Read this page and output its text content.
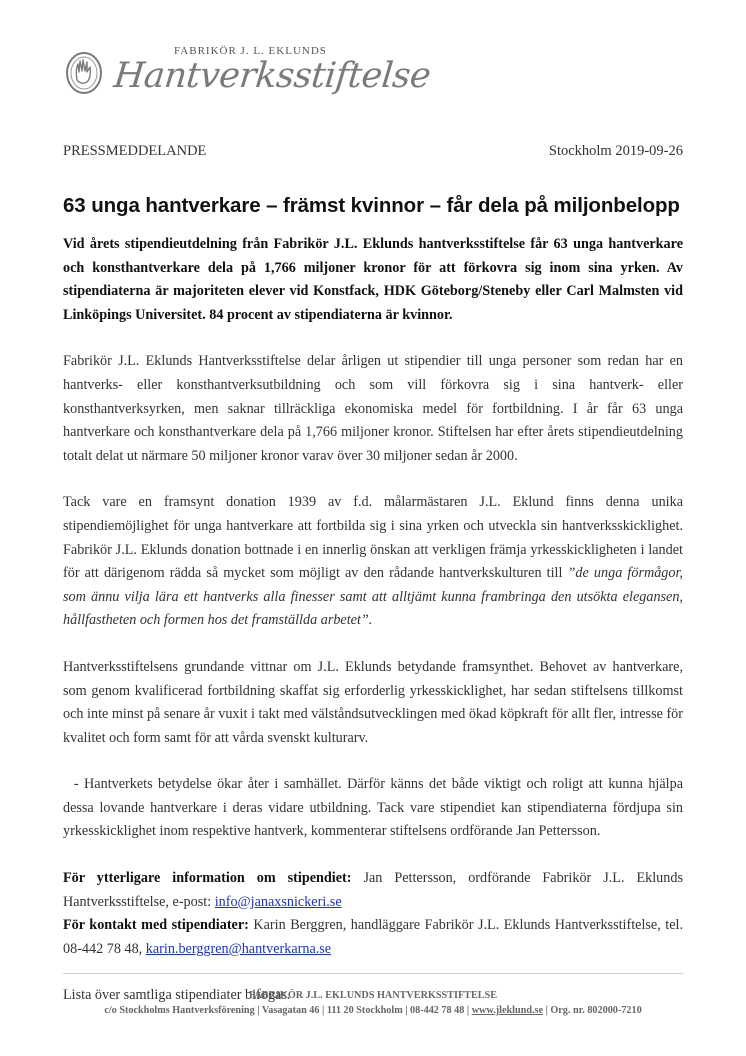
FABRIKÖR J. L. EKLUNDS
Hantverksstiftelse
PRESSMEDDELANDE	Stockholm 2019-09-26
63 unga hantverkare – främst kvinnor – får dela på miljonbelopp

Vid årets stipendieutdelning från Fabrikör J.L. Eklunds hantverksstiftelse får 63 unga hantverkare och konsthantverkare dela på 1,766 miljoner kronor för att förkovra sig inom sina yrken. Av stipendiaterna är majoriteten elever vid Konstfack, HDK Göteborg/Steneby eller Carl Malmsten vid Linköpings Universitet. 84 procent av stipendiaterna är kvinnor.

Fabrikör J.L. Eklunds Hantverksstiftelse delar årligen ut stipendier till unga personer som redan har en hantverks- eller konsthantverksutbildning och som vill förkovra sig i sina hantverk- eller konsthantverksyrken, men saknar tillräckliga ekonomiska medel för fortbildning. I år får 63 unga hantverkare och konsthantverkare dela på 1,766 miljoner kronor. Stiftelsen har efter årets stipendieutdelning totalt delat ut närmare 50 miljoner kronor varav över 30 miljoner sedan år 2000.

Tack vare en framsynt donation 1939 av f.d. målarmästaren J.L. Eklund finns denna unika stipendiemöjlighet för unga hantverkare att fortbilda sig i sina yrken och utveckla sin hantverksskicklighet. Fabrikör J.L. Eklunds donation bottnade i en innerlig önskan att verkligen främja yrkesskickligheten i landet för att därigenom rädda så mycket som möjligt av den rådande hantverkskulturen till ”de unga förmågor, som ännu vilja lära ett hantverks alla finesser samt att alltjämt kunna frambringa den utsökta elegansen, hållfastheten och formen hos det framställda arbetet”.

Hantverksstiftelsens grundande vittnar om J.L. Eklunds betydande framsynthet. Behovet av hantverkare, som genom kvalificerad fortbildning skaffat sig erforderlig yrkesskicklighet, har sedan stiftelsens tillkomst och inte minst på senare år vuxit i takt med välståndsutvecklingen med ökad köpkraft för allt fler, intresse för kvalitet och form samt för att vårda svenskt kulturarv.

- Hantverkets betydelse ökar åter i samhället. Därför känns det både viktigt och roligt att kunna hjälpa dessa lovande hantverkare i deras vidare utbildning. Tack vare stipendiet kan stipendiaterna fördjupa sin yrkesskicklighet inom respektive hantverk, kommenterar stiftelsens ordförande Jan Pettersson.

För ytterligare information om stipendiet: Jan Pettersson, ordförande Fabrikör J.L. Eklunds Hantverksstiftelse, e-post: info@janaxsnickeri.se
För kontakt med stipendiater: Karin Berggren, handläggare Fabrikör J.L. Eklunds Hantverksstiftelse, tel. 08-442 78 48, karin.berggren@hantverkarna.se

Lista över samtliga stipendiater bifogas.

FABRIKÖR J.L. EKLUNDS HANTVERKSSTIFTELSE
c/o Stockholms Hantverksförening | Vasagatan 46 | 111 20 Stockholm | 08-442 78 48 | www.jleklund.se | Org. nr. 802000-7210
